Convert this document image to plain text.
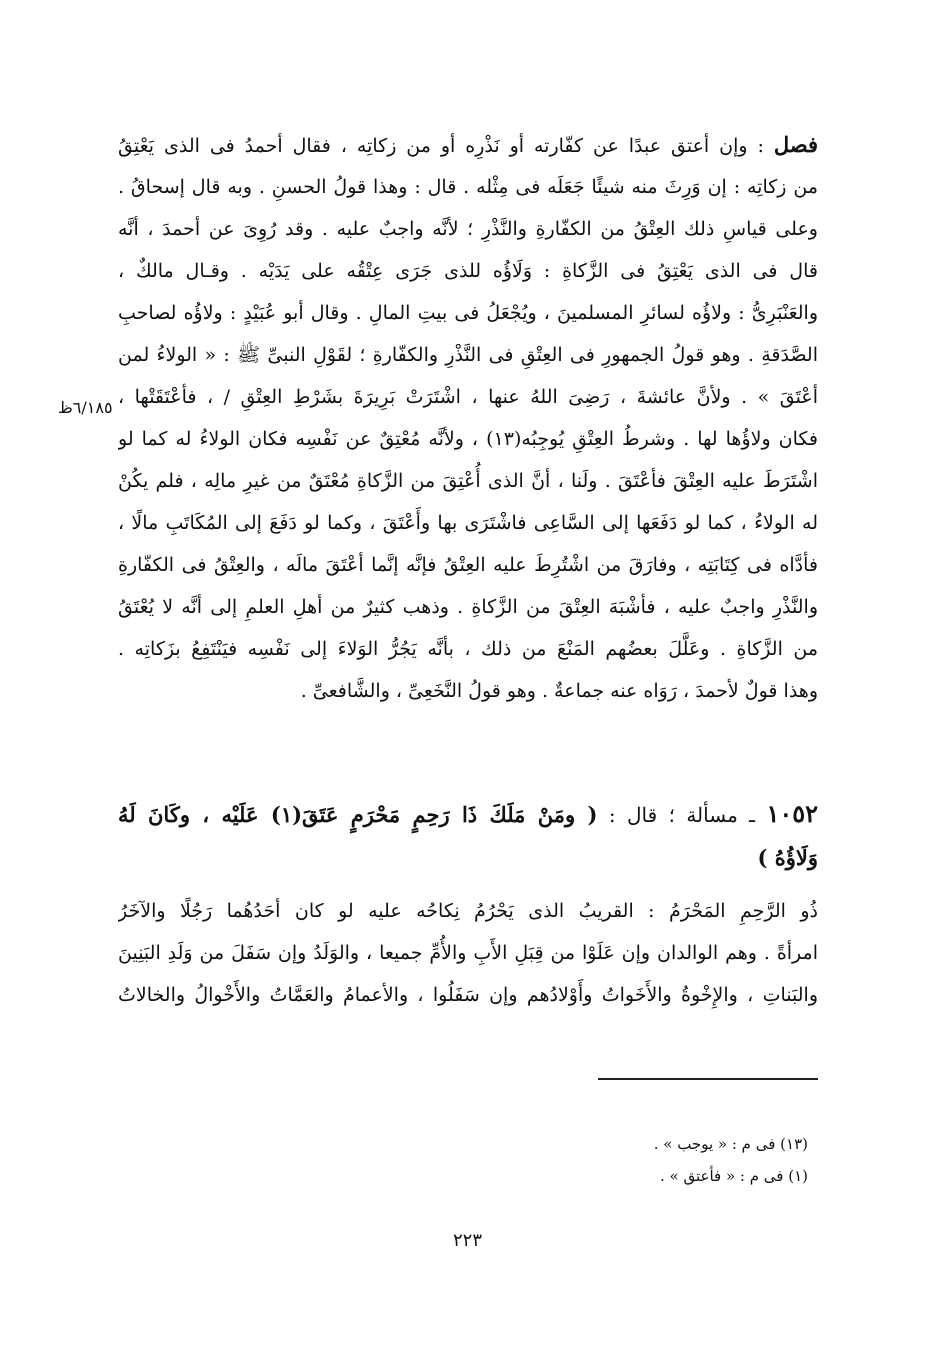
فصل : وإن أعتق عبدًا عن كفّارته أو نَذْرِه أو من زكاتِه ، فقال أحمدُ فى الذى يَعْتِقُ
من زكاتِه : إن وَرِثَ منه شيئًا جَعَلَه فى مِثْله . قال : وهذا قولُ الحسنِ . وبه قال إسحاقُ .
وعلى قياسِ ذلك العِتْقُ من الكفّارةِ والنَّذْرِ ؛ لأنَّه واجبٌ عليه . وقد رُوِىَ عن أحمدَ ، أنَّه
قال فى الذى يَعْتِقُ فى الزَّكاةِ : وَلَاؤُه للذى جَرَى عِتْقُه على يَدَيْه . وقـال مالكٌ ،
والعَنْبَرِىُّ : ولاؤُه لسائرِ المسلمينَ ، ويُجْعَلُ فى بيتِ المالِ . وقال أبو عُبَيْدٍ : ولاؤُه لصاحبِ
الصَّدَقةِ . وهو قولُ الجمهورِ فى العِتْقِ فى النَّذْرِ والكفّارةِ ؛ لقَوْلِ النبىِّ ﷺ : « الولاءُ لمن
أعْتَقَ » . ولأنَّ عائشةَ ، رَضِىَ اللهُ عنها ، اشْتَرَتْ بَرِيرَةَ بشَرْطِ العِتْقِ / ، فأعْتَقَتْها ،
فكان ولاؤُها لها . وشرطُ العِتْقِ يُوجِبُه(١٣) ، ولأنَّه مُعْتِقٌ عن نَفْسِه فكان الولاءُ له كما لو
اشْتَرَطَ عليه العِتْقَ فأعْتَقَ . ولَنا ، أنَّ الذى أُعْتِقَ من الزَّكاةِ مُعْتَقٌ من غيرِ مالِه ، فلم يكُنْ
له الولاءُ ، كما لو دَفَعَها إلى السَّاعِى فاشْتَرَى بها وأَعْتَقَ ، وكما لو دَفَعَ إلى المُكَاتَبِ مالًا ،
فأدَّاه فى كِتَابَتِه ، وفارَقَ من اشْتُرِطَ عليه العِتْقُ فإنَّه إنَّما أعْتَقَ مالَه ، والعِتْقُ فى الكفّارةِ
والنَّذْرِ واجبٌ عليه ، فأشْبَهَ العِتْقَ من الزَّكاةِ . وذهب كثيرٌ من أهلِ العلمِ إلى أنَّه لا يُعْتَقُ
من الزَّكاةِ . وعَلَّلَ بعضُهم المَنْعَ من ذلك ، بأنَّه يَجُرُّ الوَلاءَ إلى نَفْسِه فيَنْتَفِعُ بزَكاتِه .
وهذا قولٌ لأحمدَ ، رَوَاه عنه جماعةٌ . وهو قولُ النَّخَعِىِّ ، والشَّافعىِّ .
٦/١٨٥ظ
١٠٥٢ ـ مسألة ؛ قال : ( ومَنْ مَلَكَ ذَا رَحِمٍ مَحْرَمٍ عَتَقَ(١) عَلَيْه ، وكَانَ لَهُ
وَلَاؤُهُ )
ذُو الرَّحِمِ المَحْرَمُ : القريبُ الذى يَحْرُمُ نِكاحُه عليه لو كان أحَدُهُما رَجُلًا والآخَرُ
امرأةً . وهم الوالدان وإن عَلَوْا من قِبَلِ الأَبِ والأُمِّ جميعا ، والوَلَدُ وإن سَفَلَ من وَلَدِ البَنِينَ
والبَناتِ ، والإِخْوةُ والأَخَواتُ وأَوْلادُهم وإن سَفَلُوا ، والأعمامُ والعَمَّاتُ والأَخْوالُ والخالاتُ
(١٣) فى م : « يوجب » .
(١) فى م : « فأعتق » .
٢٢٣
